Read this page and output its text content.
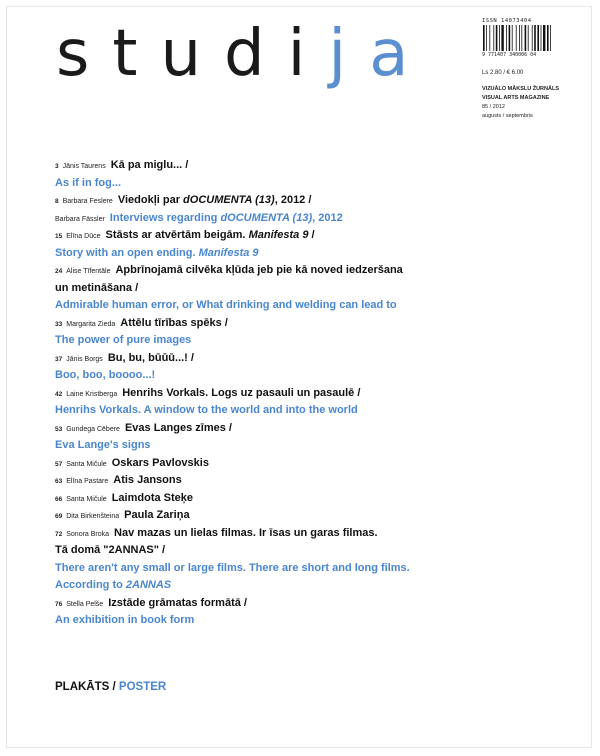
studija	ISSN 14073404
9 771407 340006 04
Ls 2.80 / € 6.00
VIZUĀLO MĀKSLU ŽURNĀLS
VISUAL ARTS MAGAZINE
85 / 2012
augusts / septembris
3 Jānis Taurens Kā pa miglu... /
As if in fog...
8 Barbara Feslere Viedokļi par dOCUMENTA (13), 2012 /
Barbara Fässler Interviews regarding dOCUMENTA (13), 2012
15 Elīna Dūce Stāsts ar atvērtām beigām. Manifesta 9 /
Story with an open ending. Manifesta 9
24 Alise Tīfentāle Apbrīnojamā cilvēka kļūda jeb pie kā noved iedzeršana
un metināšana /
Admirable human error, or What drinking and welding can lead to
33 Margarita Zieda Attēlu tīrības spēks /
The power of pure images
37 Jānis Borgs Bu, bu, būūū...! /
Boo, boo, boooo...!
42 Laine Kristberga Henrihs Vorkals. Logs uz pasauli un pasaulē /
Henrihs Vorkals. A window to the world and into the world
53 Gundega Cēbere Evas Langes zīmes /
Eva Lange's signs
57 Santa Mičule Oskars Pavlovskis
63 Elīna Pastare Atis Jansons
66 Santa Mičule Laimdota Steķe
69 Dita Birkenšteina Paula Zariņa
72 Sonora Broka Nav mazas un lielas filmas. Ir īsas un garas filmas.
Tā domā "2ANNAS" /
There aren't any small or large films. There are short and long films.
According to 2ANNAS
76 Stella Pelše Izstāde grāmatas formātā /
An exhibition in book form
PLAKĀTS / POSTER
